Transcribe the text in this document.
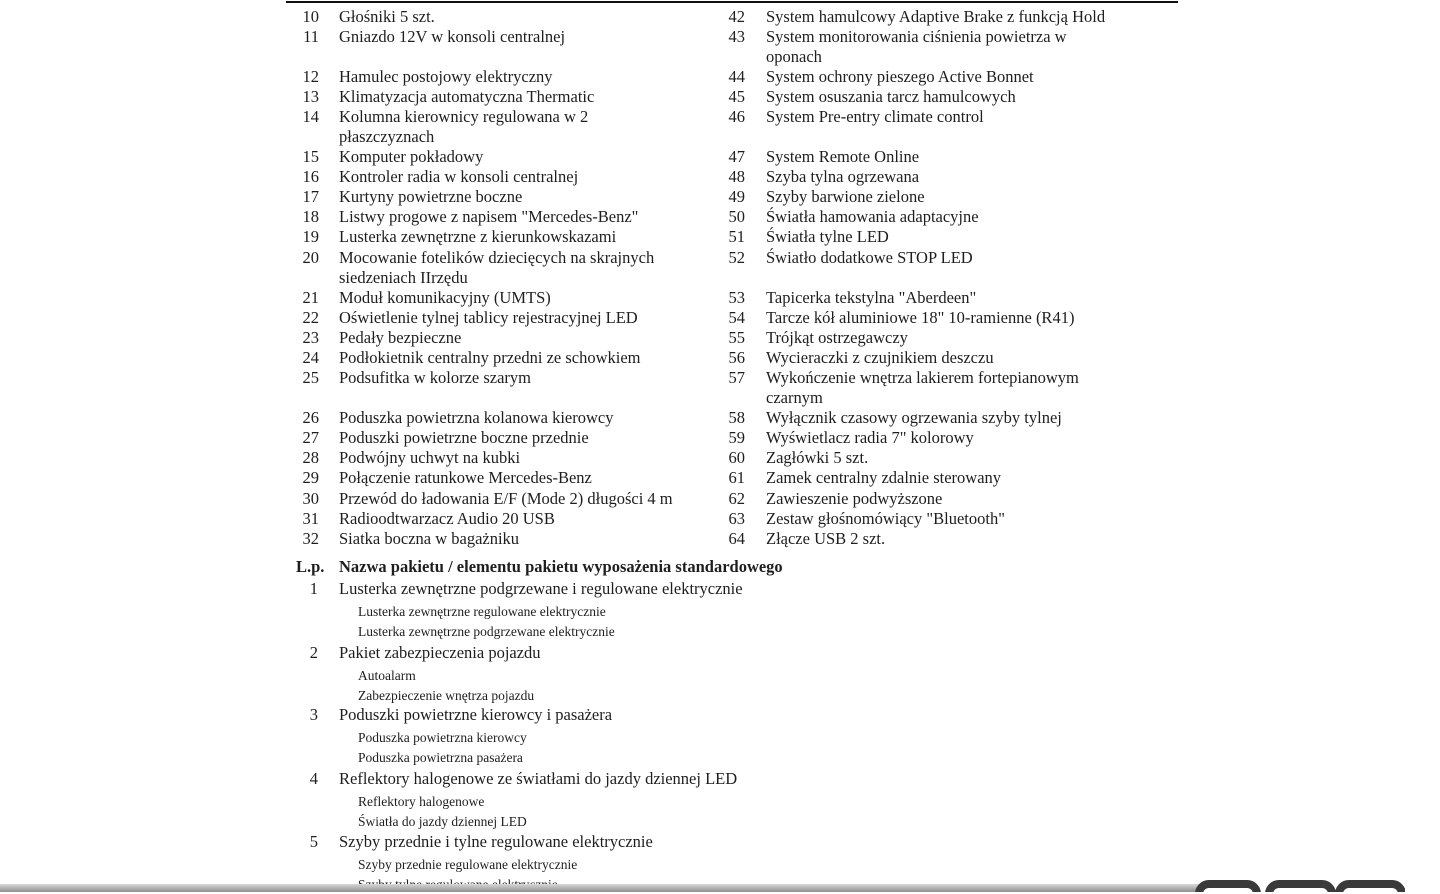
10 Głośniki 5 szt.
11 Gniazdo 12V w konsoli centralnej
12 Hamulec postojowy elektryczny
13 Klimatyzacja automatyczna Thermatic
14 Kolumna kierownicy regulowana w 2
płaszczyznach
15 Komputer pokładowy
16 Kontroler radia w konsoli centralnej
17 Kurtyny powietrzne boczne
18 Listwy progowe z napisem "Mercedes-Benz"
19 Lusterka zewnętrzne z kierunkowskazami
20 Mocowanie fotelików dziecięcych na skrajnych
siedzeniach IIrzędu
21 Moduł komunikacyjny (UMTS)
22 Oświetlenie tylnej tablicy rejestracyjnej LED
23 Pedały bezpieczne
24 Podłokietnik centralny przedni ze schowkiem
25 Podsufitka w kolorze szarym
26 Poduszka powietrzna kolanowa kierowcy
27 Poduszki powietrzne boczne przednie
28 Podwójny uchwyt na kubki
29 Połączenie ratunkowe Mercedes-Benz
30 Przewód do ładowania E/F (Mode 2) długości 4 m
31 Radioodtwarzacz Audio 20 USB
32 Siatka boczna w bagażniku
42 System hamulcowy Adaptive Brake z funkcją Hold
43 System monitorowania ciśnienia powietrza w
oponach
44 System ochrony pieszego Active Bonnet
45 System osuszania tarcz hamulcowych
46 System Pre-entry climate control
47 System Remote Online
48 Szyba tylna ogrzewana
49 Szyby barwione zielone
50 Światła hamowania adaptacyjne
51 Światła tylne LED
52 Światło dodatkowe STOP LED
53 Tapicerka tekstylna "Aberdeen"
54 Tarcze kół aluminiowe 18" 10-ramienne (R41)
55 Trójkąt ostrzegawczy
56 Wycieraczki z czujnikiem deszczu
57 Wykończenie wnętrza lakierem fortepianowym
czarnym
58 Wyłącznik czasowy ogrzewania szyby tylnej
59 Wyświetlacz radia 7" kolorowy
60 Zagłówki 5 szt.
61 Zamek centralny zdalnie sterowany
62 Zawieszenie podwyższone
63 Zestaw głośnomówiący "Bluetooth"
64 Złącze USB 2 szt.
L.p. Nazwa pakietu / elementu pakietu wyposażenia standardowego
1 Lusterka zewnętrzne podgrzewane i regulowane elektrycznie
Lusterka zewnętrzne regulowane elektrycznie
Lusterka zewnętrzne podgrzewane elektrycznie
2 Pakiet zabezpieczenia pojazdu
Autoalarm
Zabezpieczenie wnętrza pojazdu
3 Poduszki powietrzne kierowcy i pasażera
Poduszka powietrzna kierowcy
Poduszka powietrzna pasażera
4 Reflektory halogenowe ze światłami do jazdy dziennej LED
Reflektory halogenowe
Światła do jazdy dziennej LED
5 Szyby przednie i tylne regulowane elektrycznie
Szyby przednie regulowane elektrycznie
